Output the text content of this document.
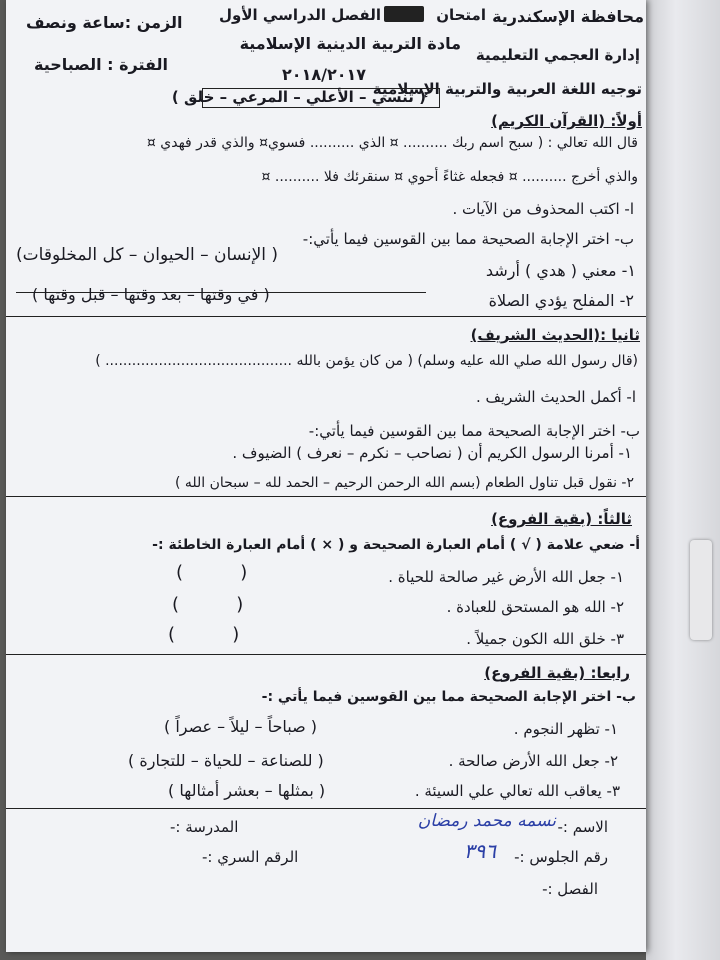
محافظة الإسكندرية
امتحان
الفصل الدراسي الأول
الزمن :ساعة ونصف
إدارة العجمي التعليمية
مادة التربية الدينية الإسلامية
الفترة : الصباحية
٢٠١٨/٢٠١٧
توجيه اللغة العربية والتربية الإسلامية
( تنسي – الأعلي – المرعي – خلق )
أولاً: (القرآن الكريم)
قال الله تعالي : ( سبح اسم ربك .......... ¤ الذي .......... فسوي¤ والذي قدر فهدي ¤
والذي أخرج .......... ¤ فجعله غثاءً أحوي ¤ سنقرئك فلا .......... ¤
ا- اكتب المحذوف من الآيات .
ب- اختر الإجابة الصحيحة مما بين القوسين فيما يأتي:-
١- معني ( هدي ) أرشد
( الإنسان – الحيوان – كل المخلوقات)
٢- المفلح يؤدي الصلاة
( في وقتها – بعد وقتها – قبل وقتها )
ثانيا :(الحديث الشريف)
(قال رسول الله صلي الله عليه وسلم) ( من كان يؤمن بالله .......................................... )
ا- أكمل الحديث الشريف .
ب- اختر الإجابة الصحيحة مما بين القوسين فيما يأتي:-
١- أمرنا الرسول الكريم أن ( نصاحب – نكرم – نعرف ) الضيوف .
٢- نقول قبل تناول الطعام (بسم الله الرحمن الرحيم – الحمد لله – سبحان الله )
ثالثاً: (بقية الفروع)
أ- ضعي علامة ( √ ) أمام العبارة الصحيحة و ( × ) أمام العبارة الخاطئة :-
١- جعل الله الأرض غير صالحة للحياة .
(          )
٢- الله هو المستحق للعبادة .
(          )
٣- خلق الله الكون جميلاً .
(          )
رابعا: (بقية الفروع)
ب- اختر الإجابة الصحيحة مما بين القوسين فيما يأتي :-
١- تظهر النجوم .
( صباحاً – ليلاً – عصراً )
٢- جعل الله الأرض صالحة .
( للصناعة – للحياة – للتجارة )
٣- يعاقب الله تعالي علي السيئة .
( بمثلها – بعشر أمثالها )
الاسم :-
نسمه محمد رمضان
المدرسة :-
رقم الجلوس :-
٣٩٦
الرقم السري :-
الفصل :-
